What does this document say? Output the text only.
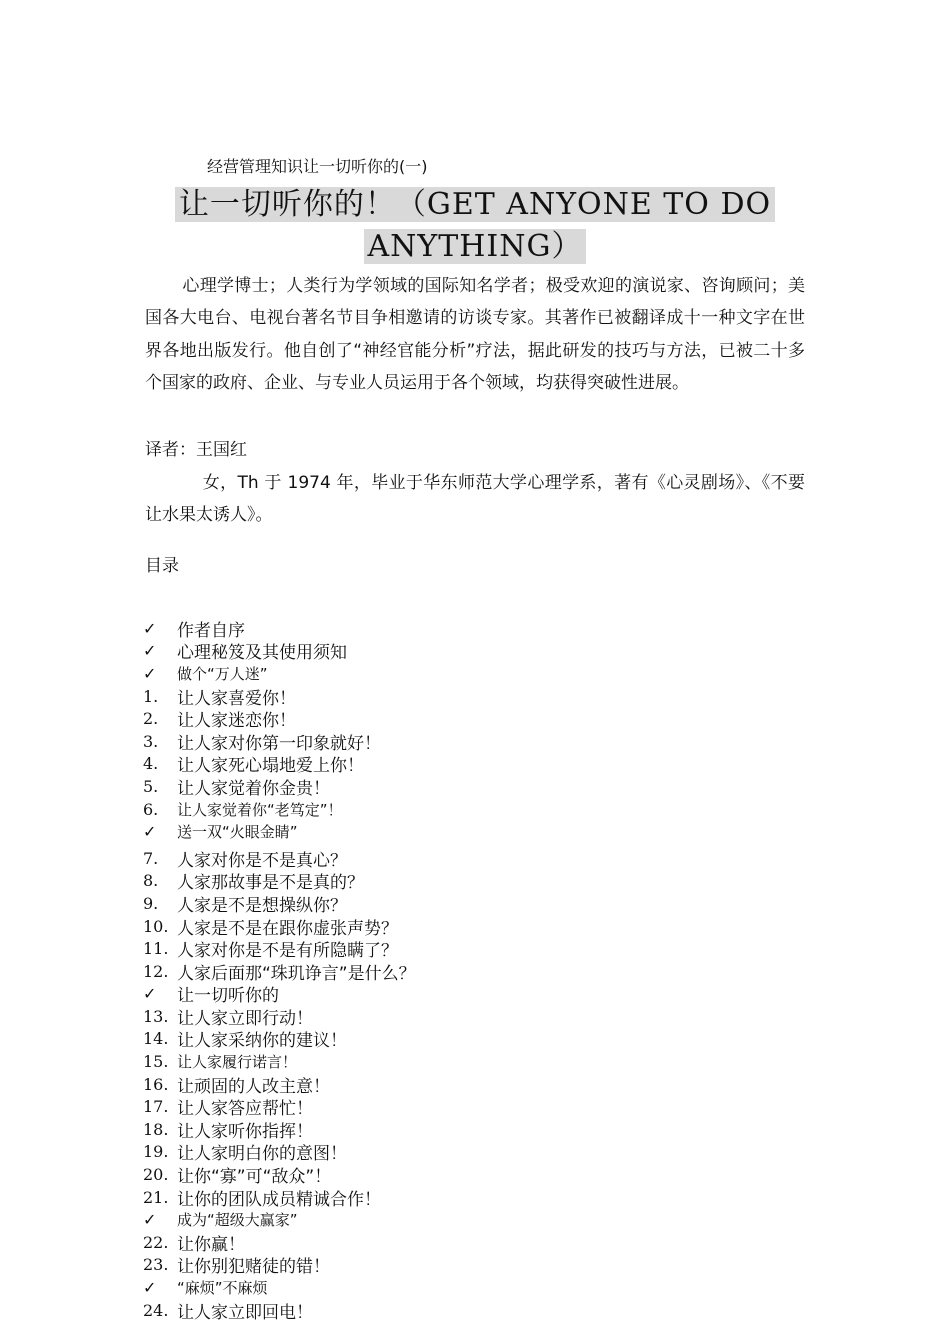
经营管理知识让一切听你的(一)
让一切听你的！（GET ANYONE TO DO ANYTHING）

心理学博士；人类行为学领域的国际知名学者；极受欢迎的演说家、咨询顾问；美国各大电台、电视台著名节目争相邀请的访谈专家。其著作已被翻译成十一种文字在世界各地出版发行。他自创了“神经官能分析”疗法，据此研发的技巧与方法，已被二十多个国家的政府、企业、与专业人员运用于各个领域，均获得突破性进展。

译者：王国红

女，Th 于 1974 年，毕业于华东师范大学心理学系，著有《心灵剧场》、《不要让水果太诱人》。

目录
✓	作者自序
✓	心理秘笈及其使用须知
✓	做个“万人迷”
1.	让人家喜爱你！
2.	让人家迷恋你！
3.	让人家对你第一印象就好！
4.	让人家死心塌地爱上你！
5.	让人家觉着你金贵！
6.	让人家觉着你“老笃定”！
✓	送一双“火眼金睛”
7.	人家对你是不是真心？
8.	人家那故事是不是真的？
9.	人家是不是想操纵你？
10. 人家是不是在跟你虚张声势？
11. 人家对你是不是有所隐瞒了？
12. 人家后面那“珠玑诤言”是什么？
✓	让一切听你的
13. 让人家立即行动！
14. 让人家采纳你的建议！
15. 让人家履行诺言！
16. 让顽固的人改主意！
17. 让人家答应帮忙！
18. 让人家听你指挥！
19. 让人家明白你的意图！
20. 让你“寡”可“敌众”！
21. 让你的团队成员精诚合作！
✓	成为“超级大赢家”
22. 让你赢！
23. 让你别犯赌徒的错！
✓	“麻烦”不麻烦
24. 让人家立即回电！
